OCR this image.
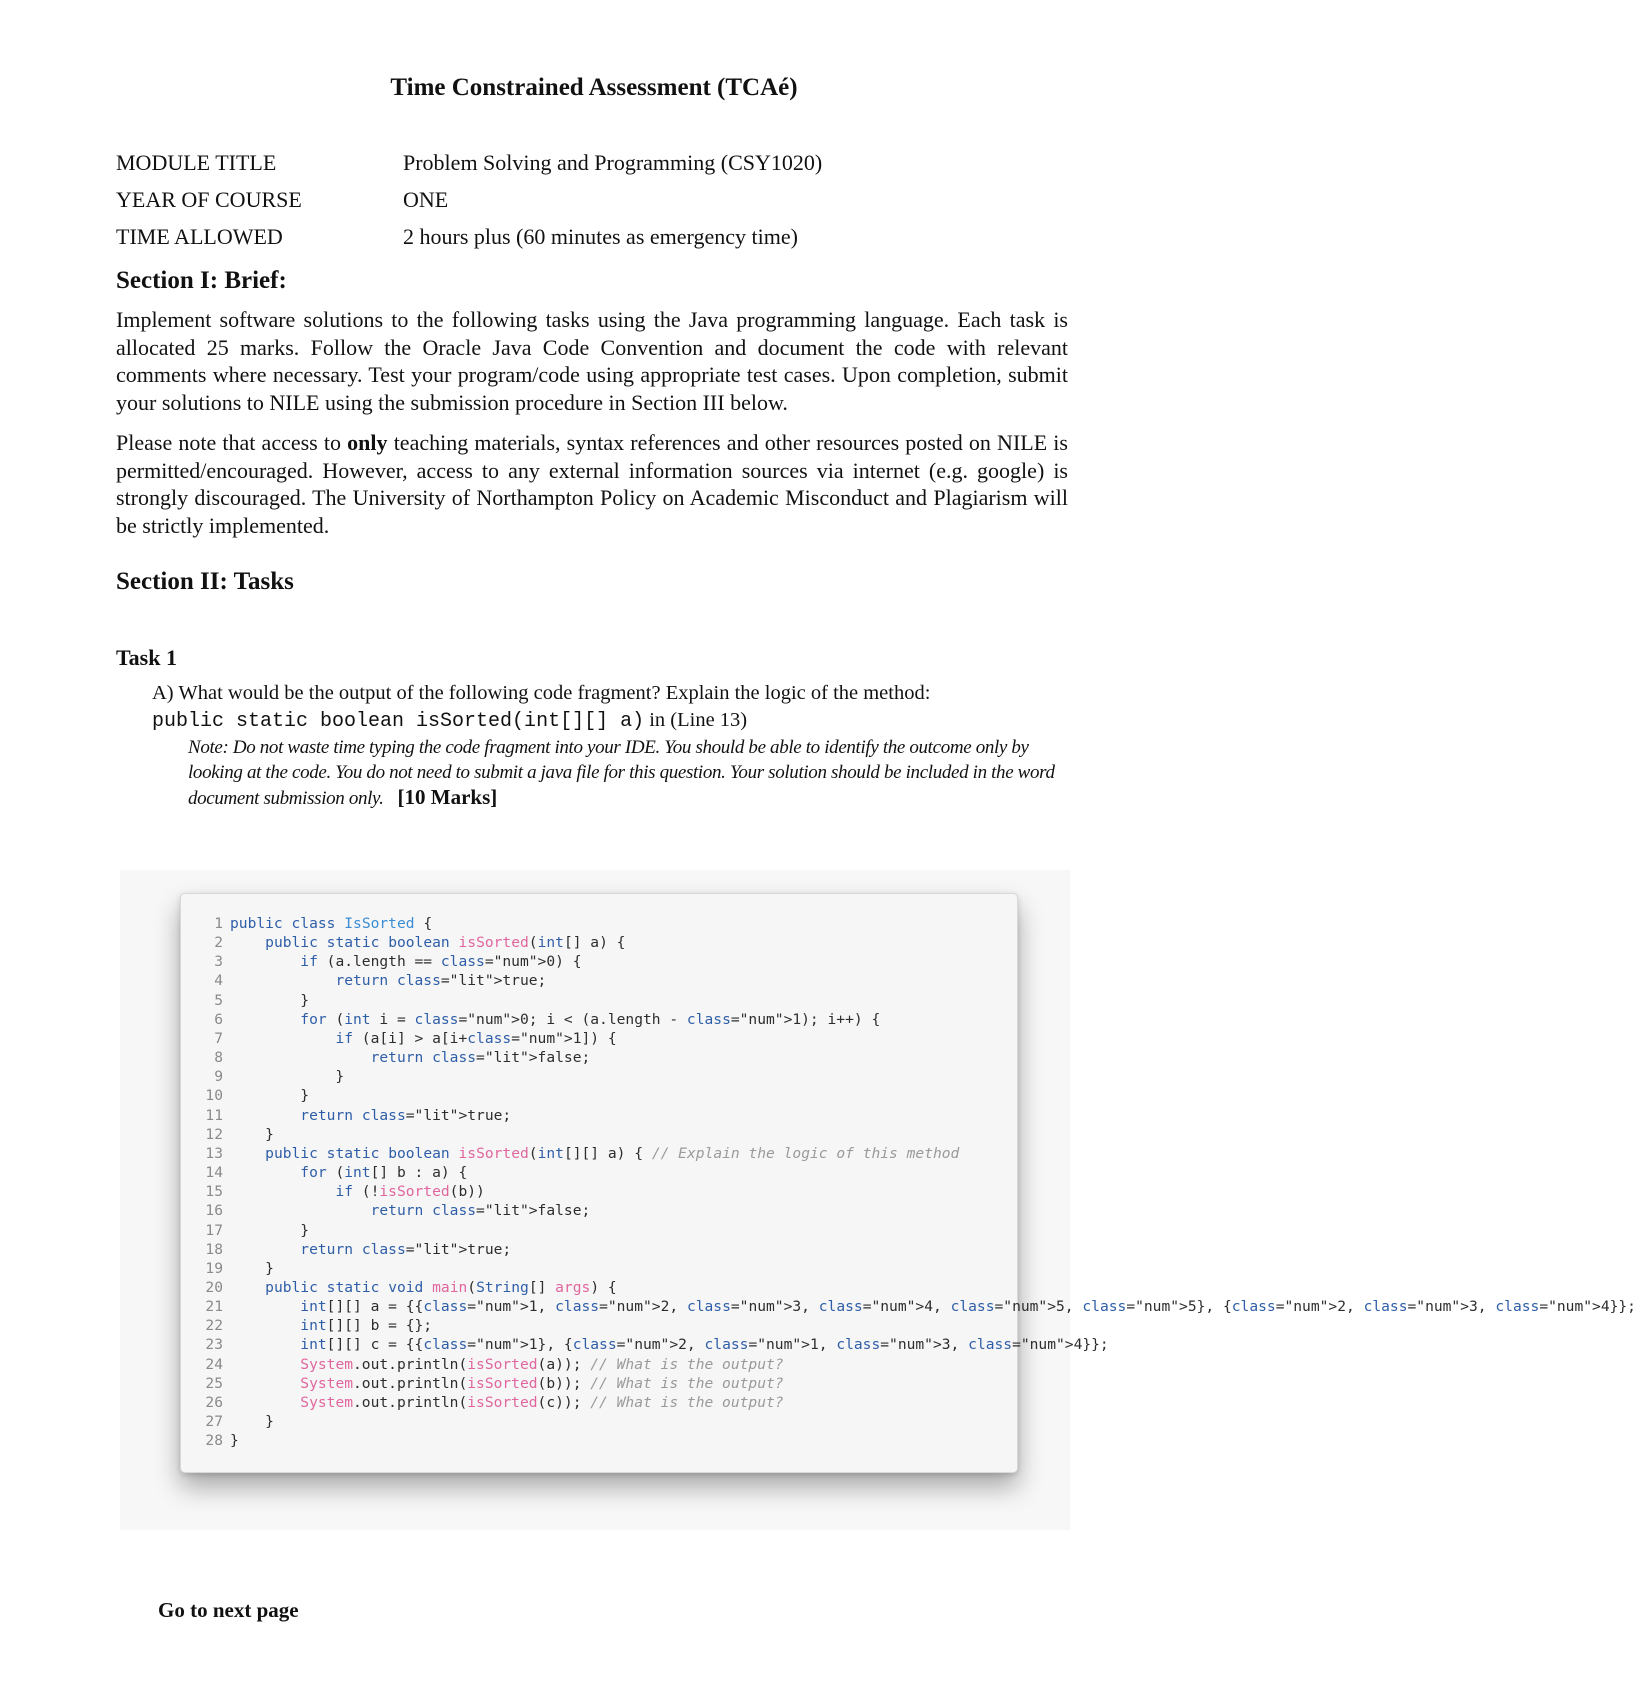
Time Constrained Assessment (TCAé)
MODULE TITLE	Problem Solving and Programming (CSY1020)
YEAR OF COURSE	ONE
TIME ALLOWED	2 hours plus (60 minutes as emergency time)
Section I: Brief:
Implement software solutions to the following tasks using the Java programming language. Each task is allocated 25 marks. Follow the Oracle Java Code Convention and document the code with relevant comments where necessary. Test your program/code using appropriate test cases. Upon completion, submit your solutions to NILE using the submission procedure in Section III below.
Please note that access to only teaching materials, syntax references and other resources posted on NILE is permitted/encouraged. However, access to any external information sources via internet (e.g. google) is strongly discouraged. The University of Northampton Policy on Academic Misconduct and Plagiarism will be strictly implemented.
Section II: Tasks
Task 1
A) What would be the output of the following code fragment? Explain the logic of the method:
public static boolean isSorted(int[][] a) in (Line 13)
Note: Do not waste time typing the code fragment into your IDE. You should be able to identify the outcome only by looking at the code. You do not need to submit a java file for this question. Your solution should be included in the word document submission only. [10 Marks]
1 public class IsSorted {
2	public static boolean isSorted(int[] a) {
3	if (a.length == class="num">0) {
4	return class="lit">true;
5        }
6	for (int i = class="num">0; i < (a.length - class="num">1); i++) {
7	if (a[i] > a[i+class="num">1]) {
8	return class="lit">false;
9            }
10        }
11	return class="lit">true;
12    }
13	public static boolean isSorted(int[][] a) { // Explain the logic of this method
14	for (int[] b : a) {
15	if (!isSorted(b))
16	return class="lit">false;
17        }
18	return class="lit">true;
19    }
20	public static void main(String[] args) {
21	int[][] a = {{class="num">1, class="num">2, class="num">3, class="num">4, class="num">5, class="num">5}, {class="num">2, class="num">3, class="num">4}};
22	int[][] b = {};
23	int[][] c = {{class="num">1}, {class="num">2, class="num">1, class="num">3, class="num">4}};
24	System.out.println(isSorted(a)); // What is the output?
25	System.out.println(isSorted(b)); // What is the output?
26	System.out.println(isSorted(c)); // What is the output?
27    }
28 }
Go to next page
